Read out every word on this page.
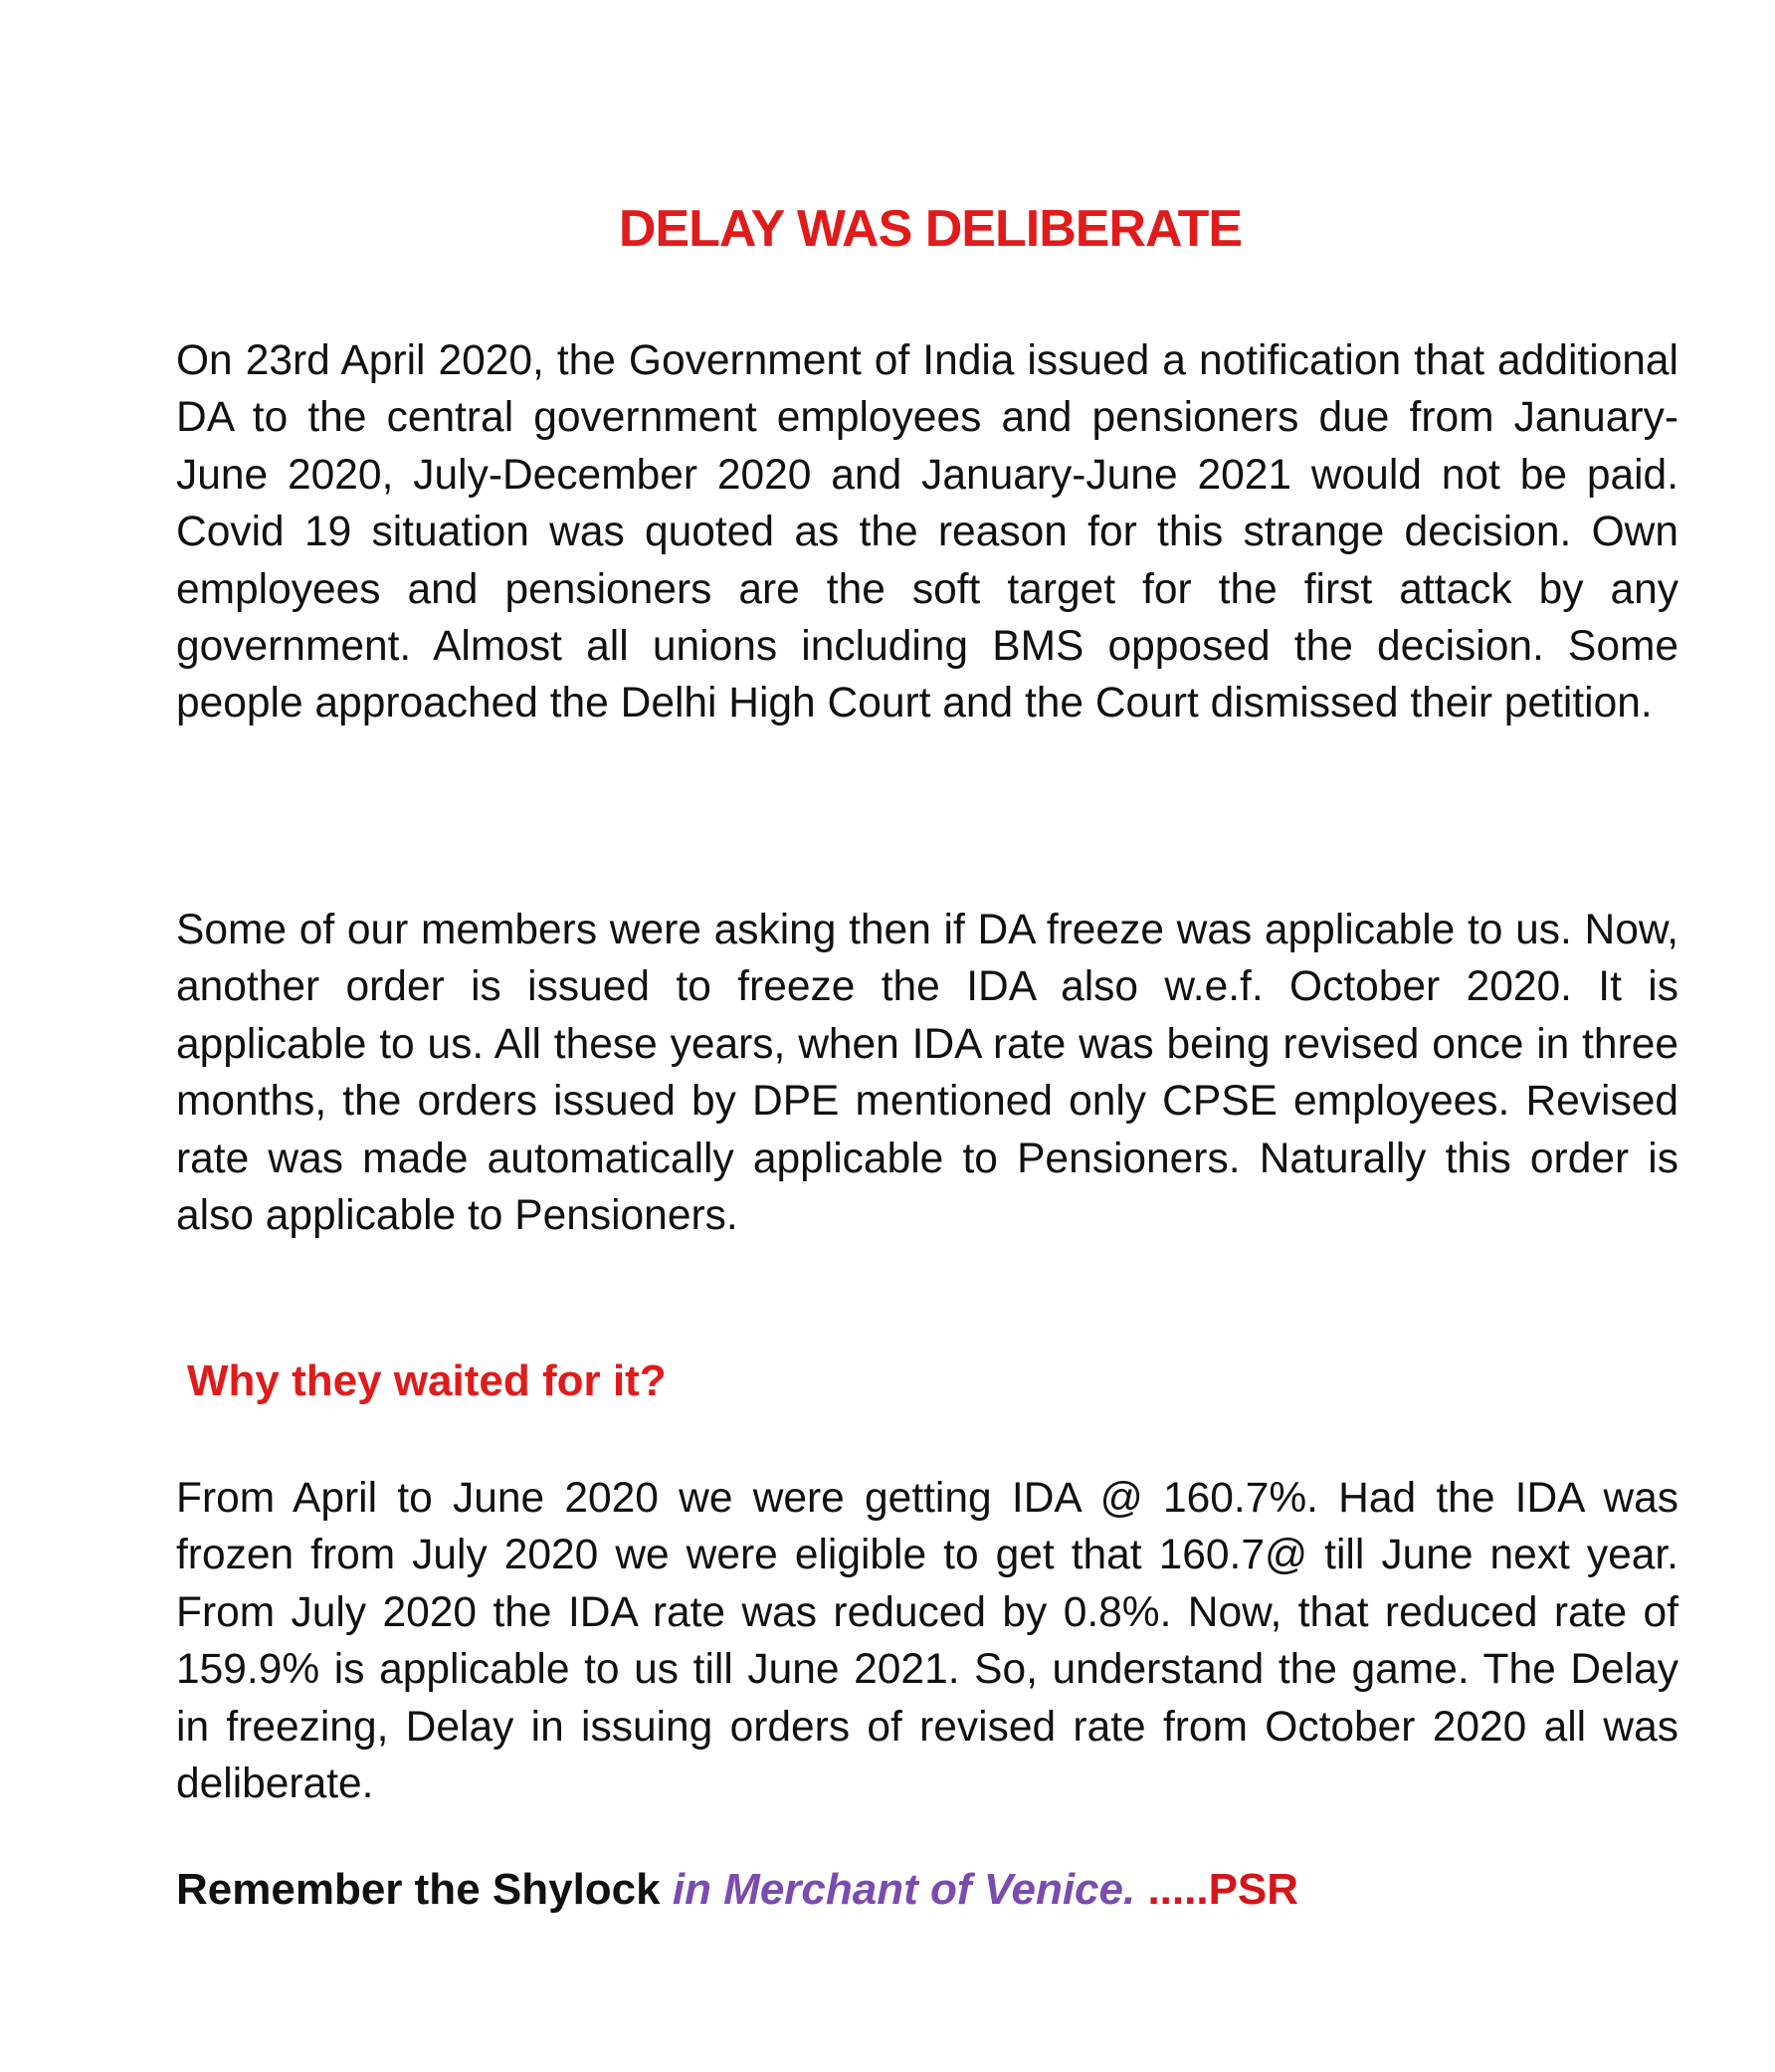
DELAY WAS DELIBERATE

On 23rd April 2020, the Government of India issued a notification that additional DA to the central government employees and pensioners due from January-June 2020, July-December 2020 and January-June 2021 would not be paid. Covid 19 situation was quoted as the reason for this strange decision. Own employees and pensioners are the soft target for the first attack by any government. Almost all unions including BMS opposed the decision. Some people approached the Delhi High Court and the Court dismissed their petition.

Some of our members were asking then if DA freeze was applicable to us. Now, another order is issued to freeze the IDA also w.e.f. October 2020. It is applicable to us. All these years, when IDA rate was being revised once in three months, the orders issued by DPE mentioned only CPSE employees. Revised rate was made automatically applicable to Pensioners. Naturally this order is also applicable to Pensioners.

Why they waited for it?

From April to June 2020 we were getting IDA @ 160.7%. Had the IDA was frozen from July 2020 we were eligible to get that 160.7@ till June next year. From July 2020 the IDA rate was reduced by 0.8%. Now, that reduced rate of 159.9% is applicable to us till June 2021. So, understand the game. The Delay in freezing, Delay in issuing orders of revised rate from October 2020 all was deliberate.

Remember the Shylock in Merchant of Venice. .....PSR
